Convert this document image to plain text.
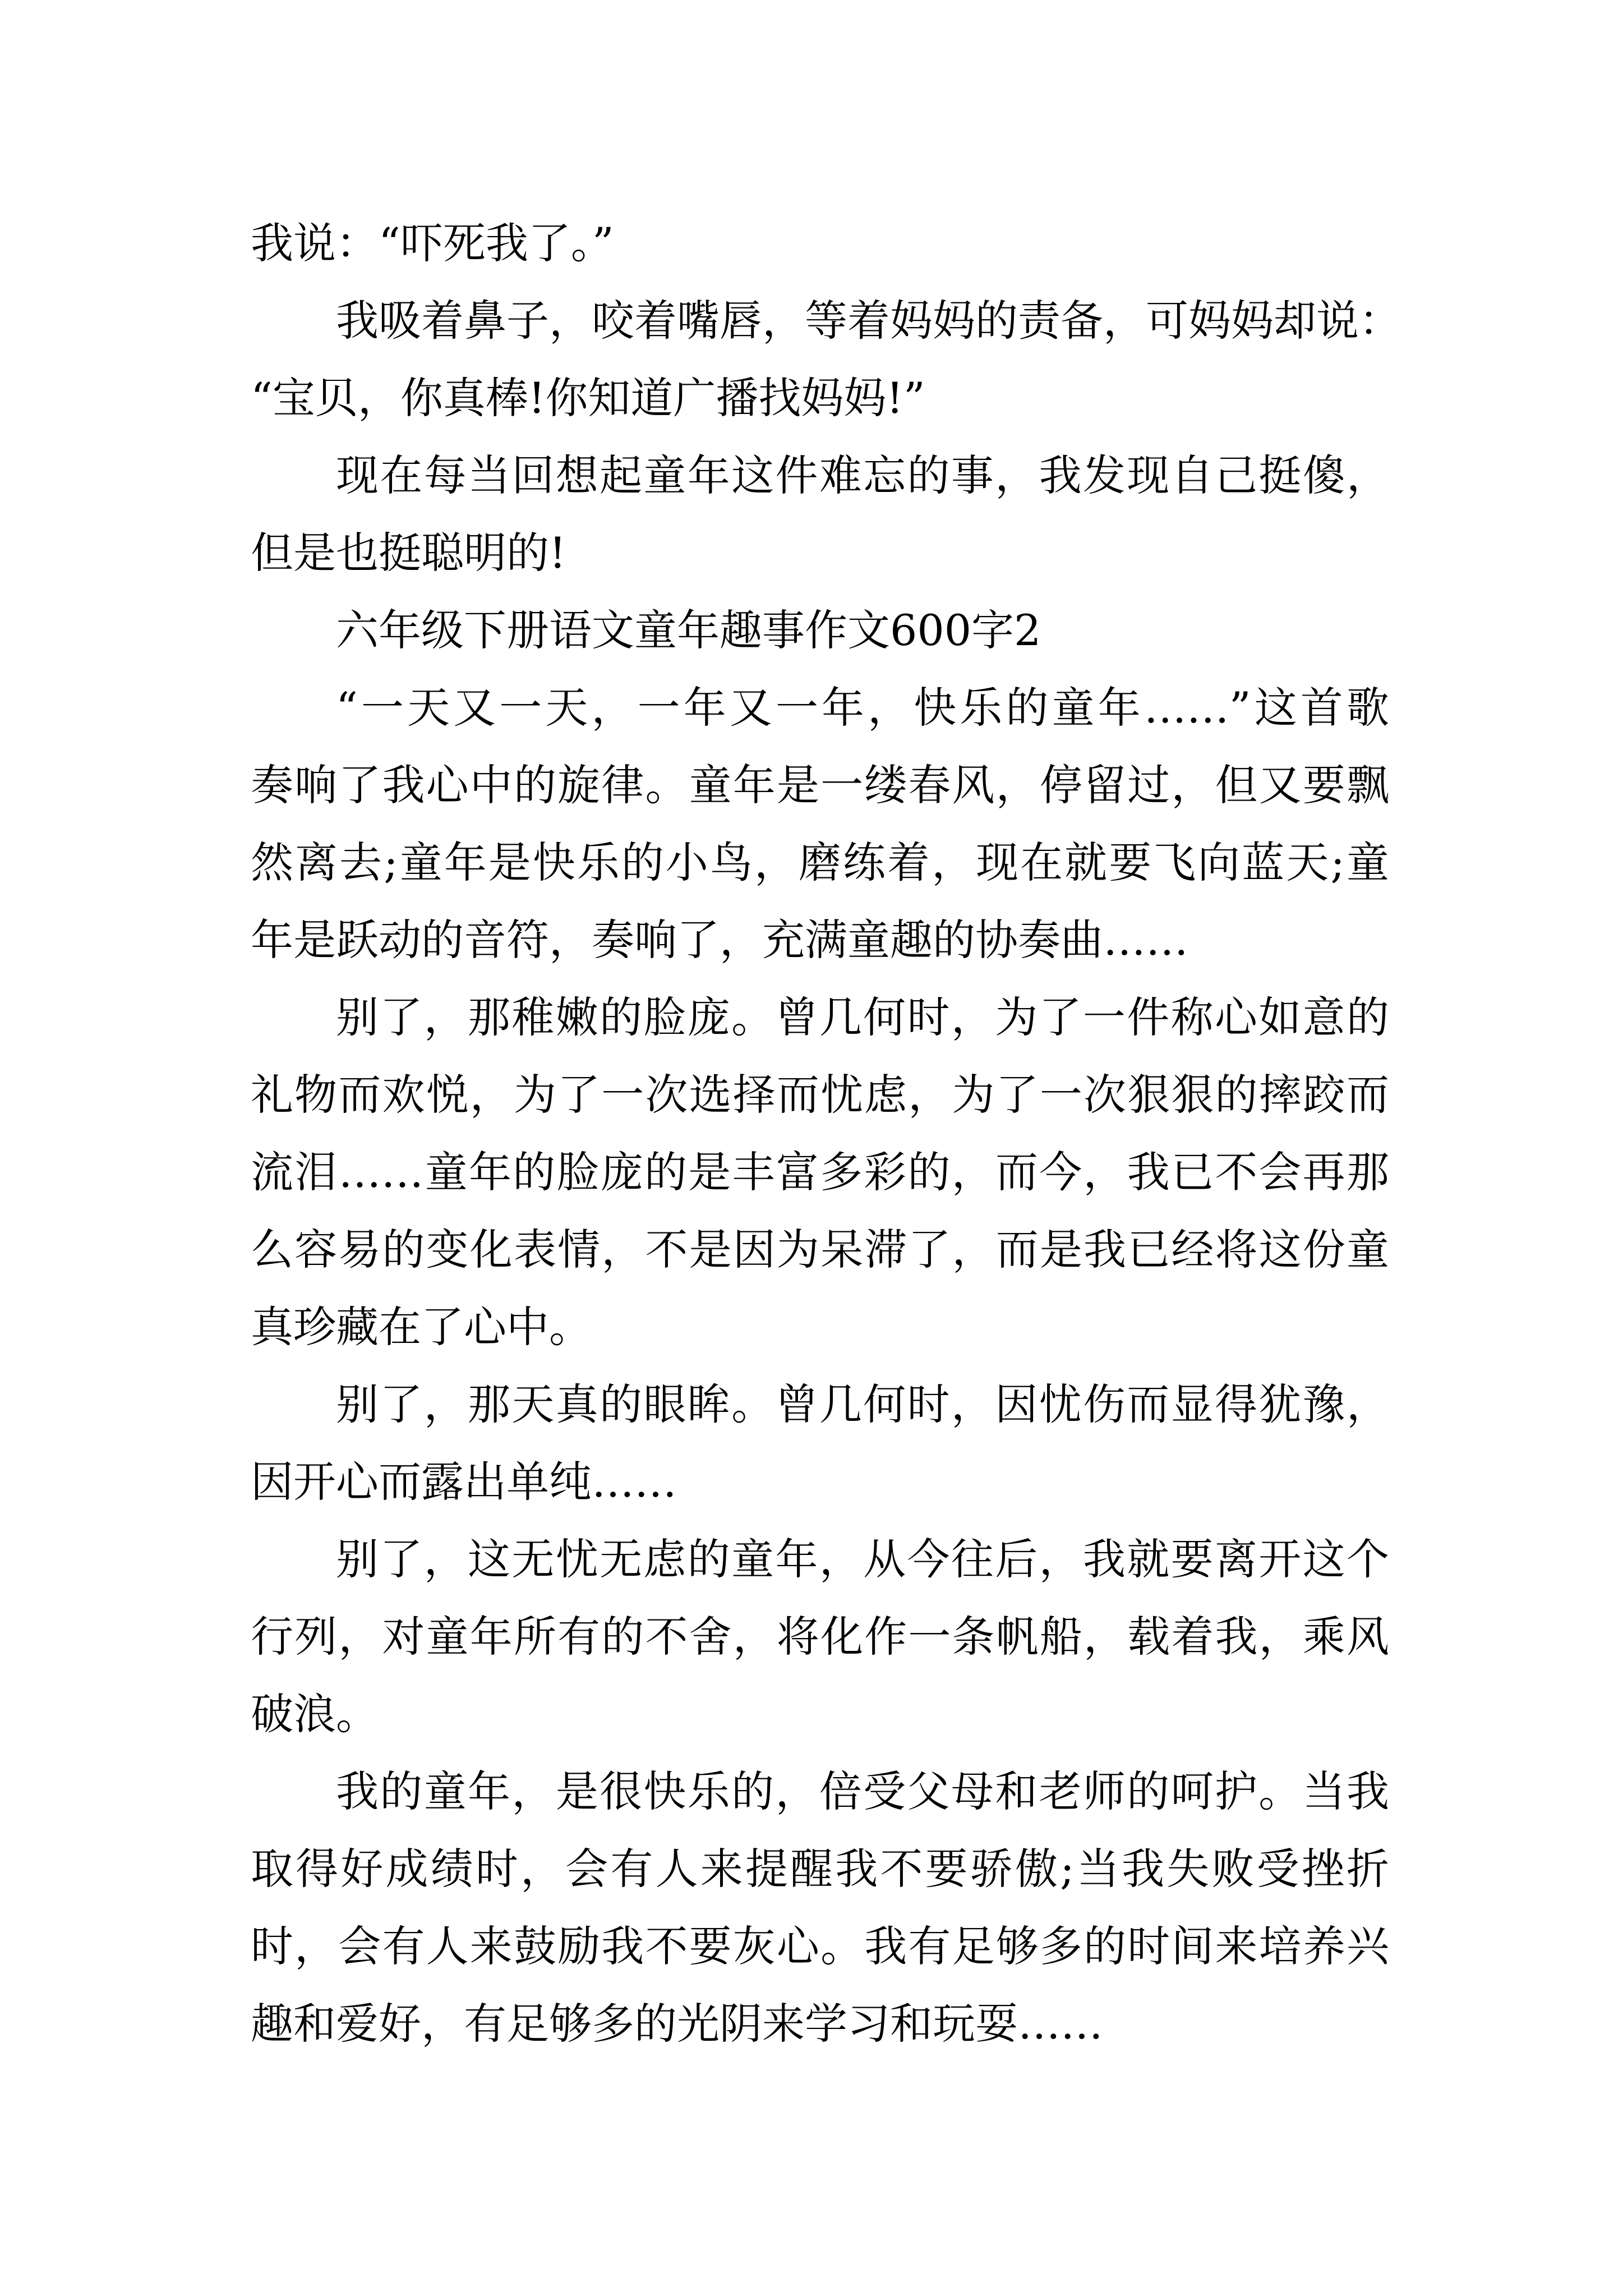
我说：“吓死我了。”
我吸着鼻子，咬着嘴唇，等着妈妈的责备，可妈妈却说：
“宝贝，你真棒!你知道广播找妈妈!”
现在每当回想起童年这件难忘的事，我发现自己挺傻，
但是也挺聪明的!
六年级下册语文童年趣事作文600字2
“一天又一天，一年又一年，快乐的童年……”这首歌
奏响了我心中的旋律。童年是一缕春风，停留过，但又要飘
然离去;童年是快乐的小鸟，磨练着，现在就要飞向蓝天;童
年是跃动的音符，奏响了，充满童趣的协奏曲……
别了，那稚嫩的脸庞。曾几何时，为了一件称心如意的
礼物而欢悦，为了一次选择而忧虑，为了一次狠狠的摔跤而
流泪……童年的脸庞的是丰富多彩的，而今，我已不会再那
么容易的变化表情，不是因为呆滞了，而是我已经将这份童
真珍藏在了心中。
别了，那天真的眼眸。曾几何时，因忧伤而显得犹豫，
因开心而露出单纯……
别了，这无忧无虑的童年，从今往后，我就要离开这个
行列，对童年所有的不舍，将化作一条帆船，载着我，乘风
破浪。
我的童年，是很快乐的，倍受父母和老师的呵护。当我
取得好成绩时，会有人来提醒我不要骄傲;当我失败受挫折
时，会有人来鼓励我不要灰心。我有足够多的时间来培养兴
趣和爱好，有足够多的光阴来学习和玩耍……
